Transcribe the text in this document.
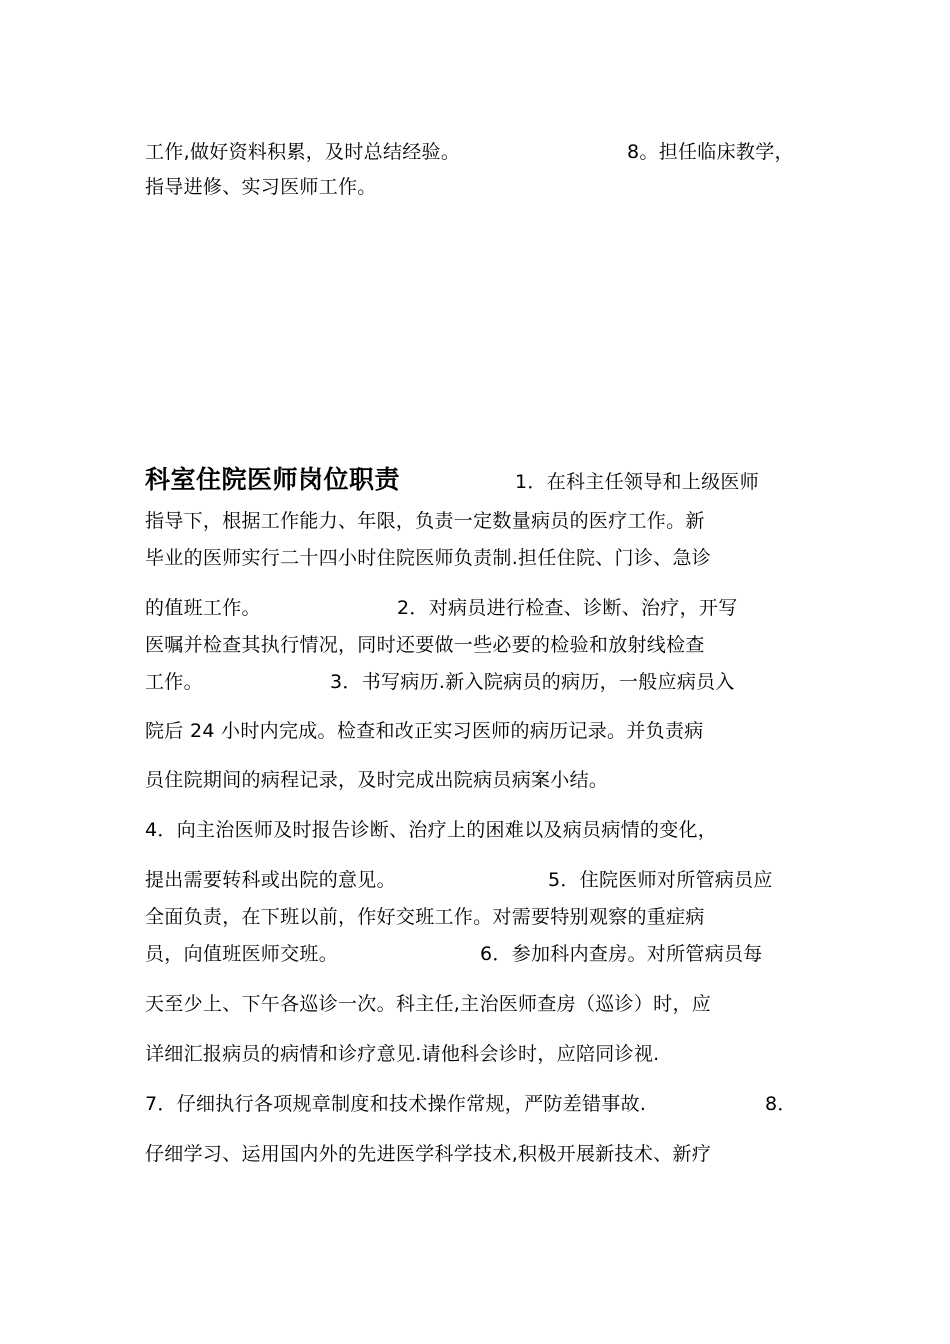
工作,做好资料积累，及时总结经验。	8。担任临床教学，
指导进修、实习医师工作。
科室住院医师岗位职责	1．在科主任领导和上级医师
指导下，根据工作能力、年限，负责一定数量病员的医疗工作。新
毕业的医师实行二十四小时住院医师负责制.担任住院、门诊、急诊
的值班工作。	2．对病员进行检查、诊断、治疗，开写
医嘱并检查其执行情况，同时还要做一些必要的检验和放射线检查
工作。	3．书写病历.新入院病员的病历，一般应病员入
院后 24 小时内完成。检查和改正实习医师的病历记录。并负责病
员住院期间的病程记录，及时完成出院病员病案小结。
4．向主治医师及时报告诊断、治疗上的困难以及病员病情的变化，
提出需要转科或出院的意见。	5．住院医师对所管病员应
全面负责，在下班以前，作好交班工作。对需要特别观察的重症病
员，向值班医师交班。	6．参加科内查房。对所管病员每
天至少上、下午各巡诊一次。科主任,主治医师查房（巡诊）时，应
详细汇报病员的病情和诊疗意见.请他科会诊时，应陪同诊视.
7．仔细执行各项规章制度和技术操作常规，严防差错事故.	8．
仔细学习、运用国内外的先进医学科学技术,积极开展新技术、新疗
